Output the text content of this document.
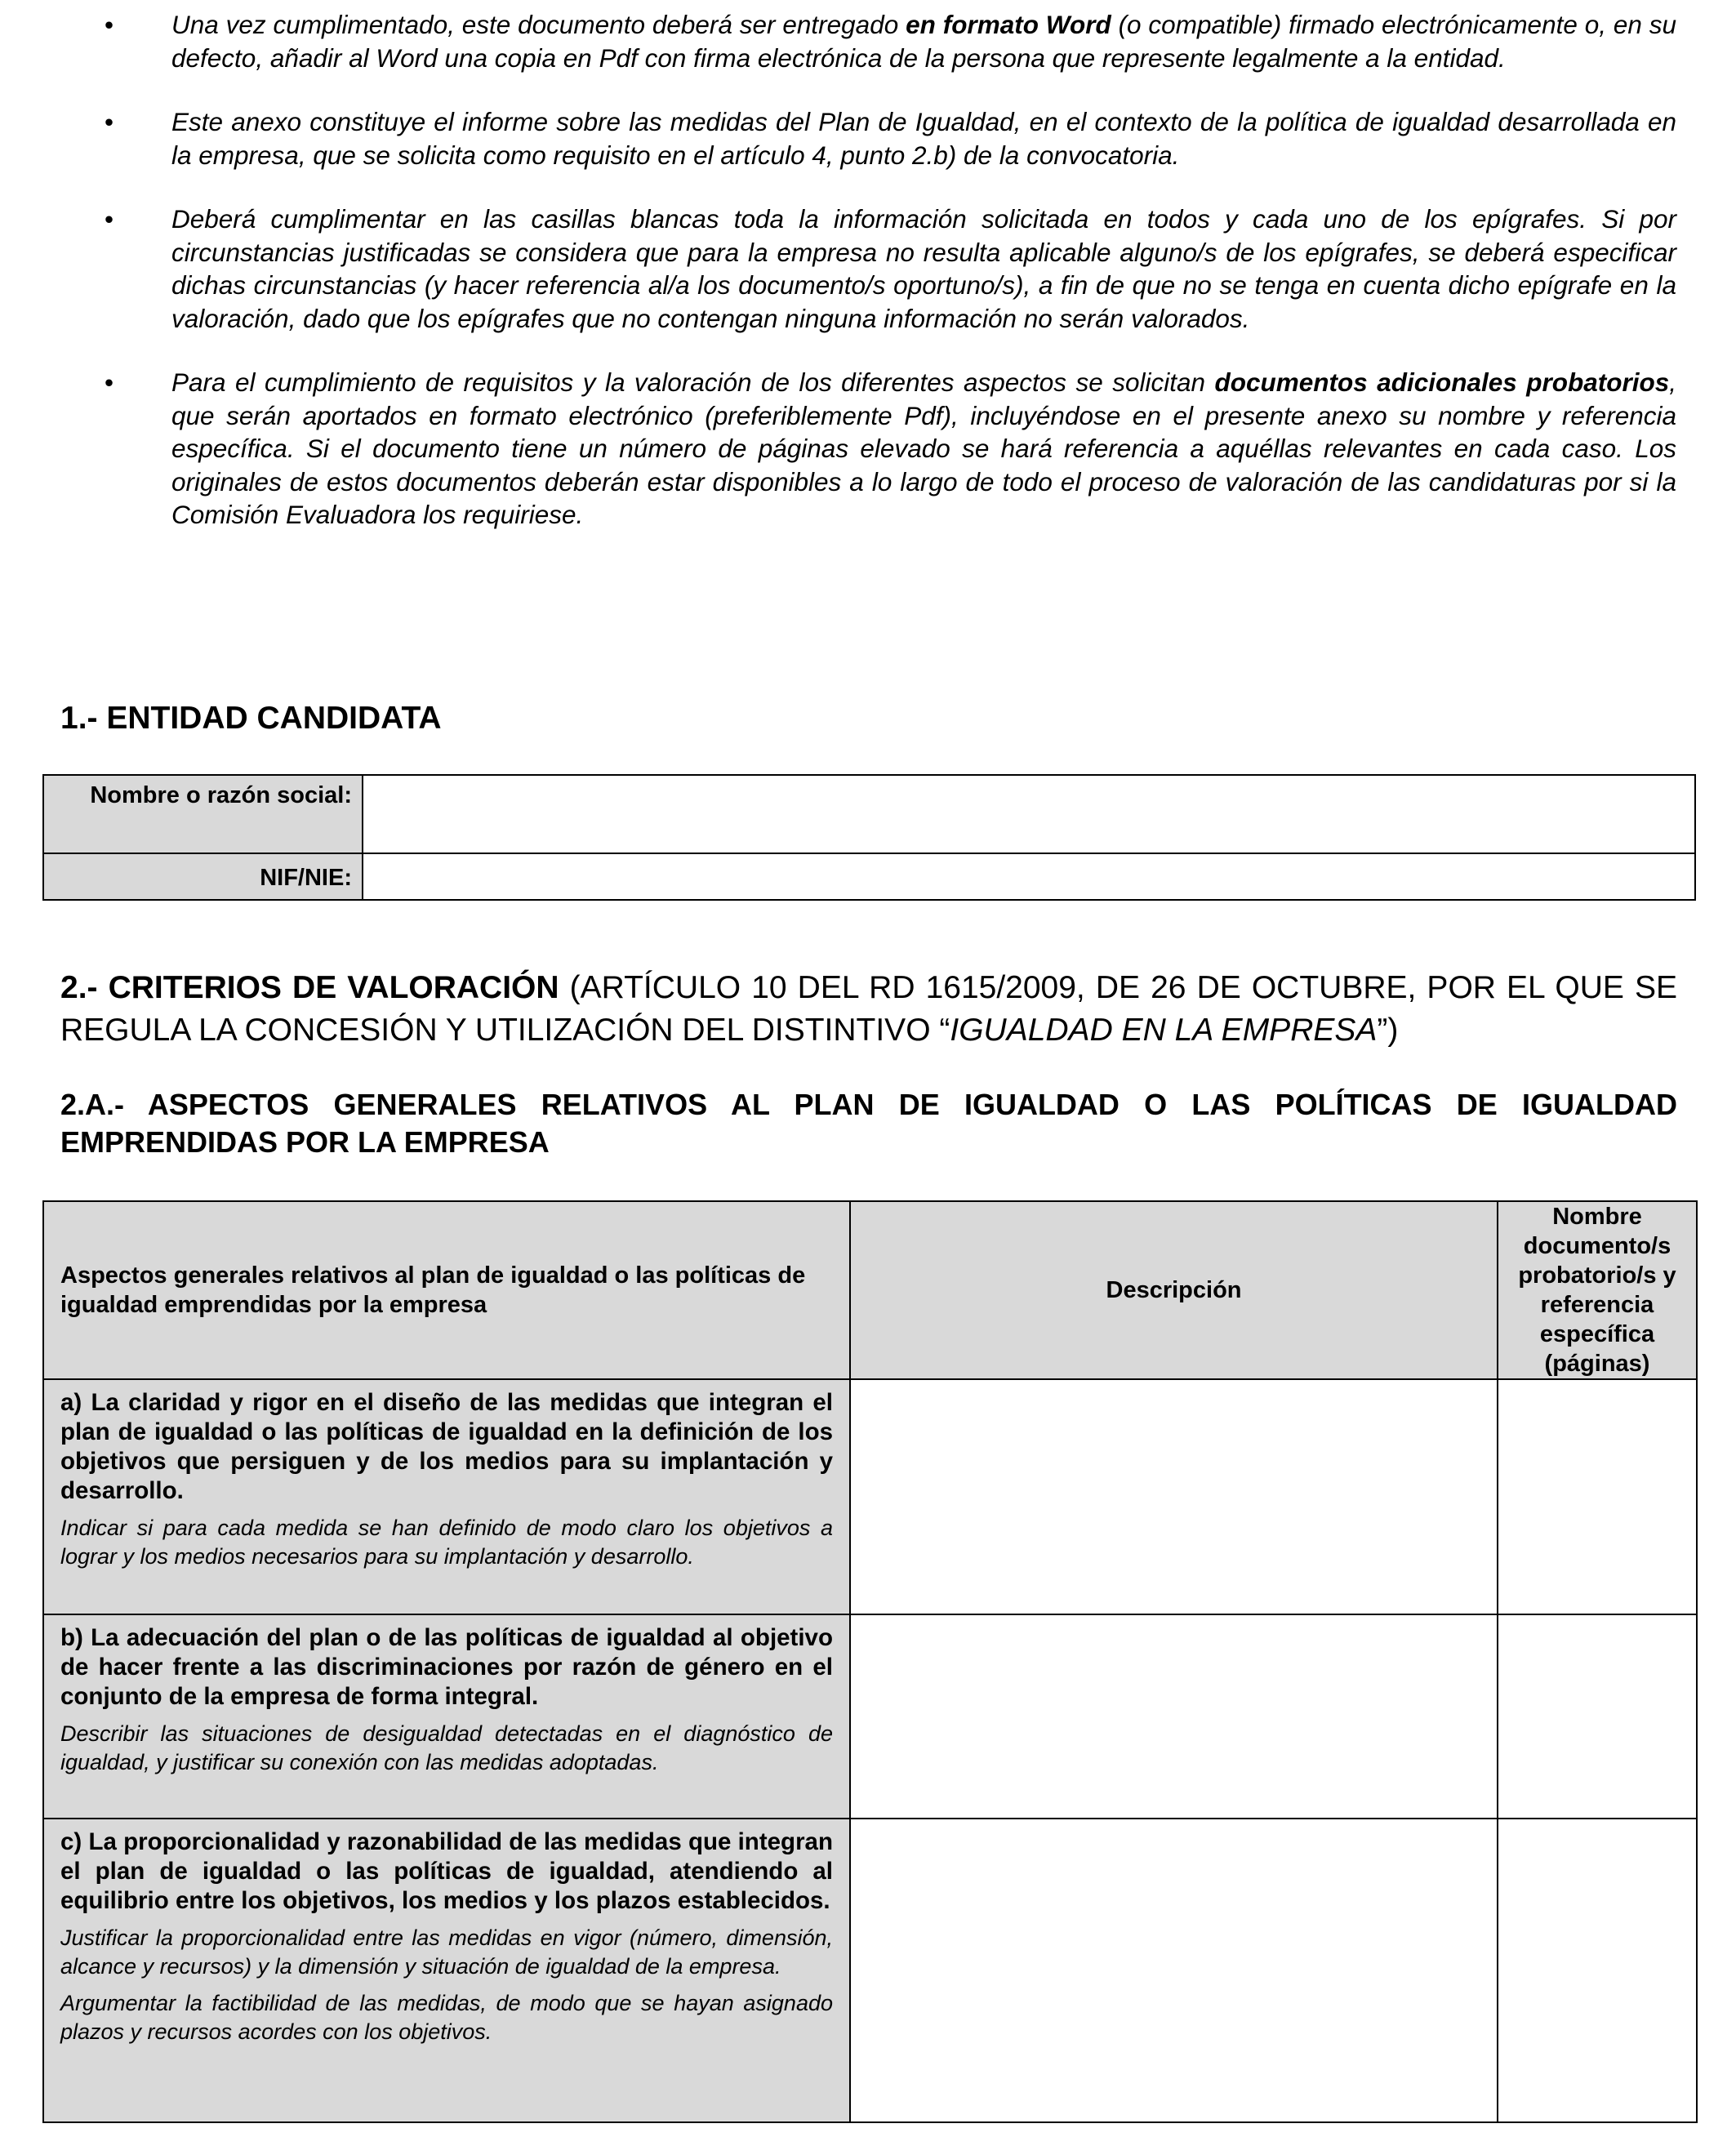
• Una vez cumplimentado, este documento deberá ser entregado en formato Word (o compatible) firmado electrónicamente o, en su defecto, añadir al Word una copia en Pdf con firma electrónica de la persona que represente legalmente a la entidad.
• Este anexo constituye el informe sobre las medidas del Plan de Igualdad, en el contexto de la política de igualdad desarrollada en la empresa, que se solicita como requisito en el artículo 4, punto 2.b) de la convocatoria.
• Deberá cumplimentar en las casillas blancas toda la información solicitada en todos y cada uno de los epígrafes. Si por circunstancias justificadas se considera que para la empresa no resulta aplicable alguno/s de los epígrafes, se deberá especificar dichas circunstancias (y hacer referencia al/a los documento/s oportuno/s), a fin de que no se tenga en cuenta dicho epígrafe en la valoración, dado que los epígrafes que no contengan ninguna información no serán valorados.
• Para el cumplimiento de requisitos y la valoración de los diferentes aspectos se solicitan documentos adicionales probatorios, que serán aportados en formato electrónico (preferiblemente Pdf), incluyéndose en el presente anexo su nombre y referencia específica. Si el documento tiene un número de páginas elevado se hará referencia a aquéllas relevantes en cada caso. Los originales de estos documentos deberán estar disponibles a lo largo de todo el proceso de valoración de las candidaturas por si la Comisión Evaluadora los requiriese.
1.- ENTIDAD CANDIDATA
Nombre o razón social:	
NIF/NIE:	
2.- CRITERIOS DE VALORACIÓN (ARTÍCULO 10 DEL RD 1615/2009, DE 26 DE OCTUBRE, POR EL QUE SE REGULA LA CONCESIÓN Y UTILIZACIÓN DEL DISTINTIVO “IGUALDAD EN LA EMPRESA”)
2.A.- ASPECTOS GENERALES RELATIVOS AL PLAN DE IGUALDAD O LAS POLÍTICAS DE IGUALDAD EMPRENDIDAS POR LA EMPRESA
Aspectos generales relativos al plan de igualdad o las políticas de igualdad emprendidas por la empresa	Descripción	Nombre documento/s probatorio/s y referencia específica (páginas)

a) La claridad y rigor en el diseño de las medidas que integran el plan de igualdad o las políticas de igualdad en la definición de los objetivos que persiguen y de los medios para su implantación y desarrollo.
Indicar si para cada medida se han definido de modo claro los objetivos a lograr y los medios necesarios para su implantación y desarrollo.		

b) La adecuación del plan o de las políticas de igualdad al objetivo de hacer frente a las discriminaciones por razón de género en el conjunto de la empresa de forma integral.
Describir las situaciones de desigualdad detectadas en el diagnóstico de igualdad, y justificar su conexión con las medidas adoptadas.		

c) La proporcionalidad y razonabilidad de las medidas que integran el plan de igualdad o las políticas de igualdad, atendiendo al equilibrio entre los objetivos, los medios y los plazos establecidos.
Justificar la proporcionalidad entre las medidas en vigor (número, dimensión, alcance y recursos) y la dimensión y situación de igualdad de la empresa.
Argumentar la factibilidad de las medidas, de modo que se hayan asignado plazos y recursos acordes con los objetivos.		
